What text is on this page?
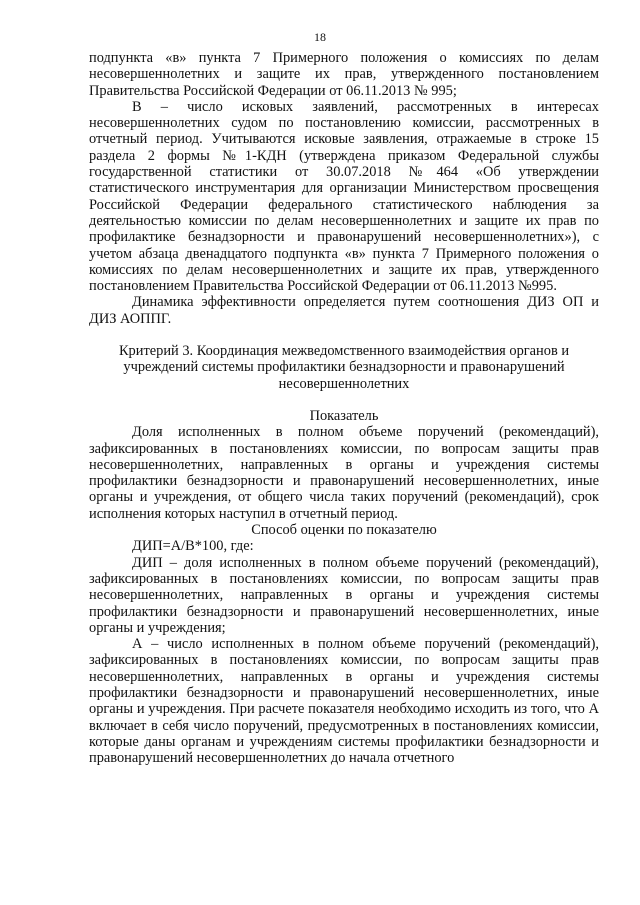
18

подпункта «в» пункта 7 Примерного положения о комиссиях по делам несовершеннолетних и защите их прав, утвержденного постановлением Правительства Российской Федерации от 06.11.2013 № 995;

В – число исковых заявлений, рассмотренных в интересах несовершеннолетних судом по постановлению комиссии, рассмотренных в отчетный период. Учитываются исковые заявления, отражаемые в строке 15 раздела 2 формы №1-КДН (утверждена приказом Федеральной службы государственной статистики от 30.07.2018 №464 «Об утверждении статистического инструментария для организации Министерством просвещения Российской Федерации федерального статистического наблюдения за деятельностью комиссии по делам несовершеннолетних и защите их прав по профилактике безнадзорности и правонарушений несовершеннолетних»), с учетом абзаца двенадцатого подпункта «в» пункта 7 Примерного положения о комиссиях по делам несовершеннолетних и защите их прав, утвержденного постановлением Правительства Российской Федерации от 06.11.2013 №995.

Динамика эффективности определяется путем соотношения ДИЗ ОП и ДИЗ АОППГ.

Критерий 3. Координация межведомственного взаимодействия органов и учреждений системы профилактики безнадзорности и правонарушений несовершеннолетних

Показатель

Доля исполненных в полном объеме поручений (рекомендаций), зафиксированных в постановлениях комиссии, по вопросам защиты прав несовершеннолетних, направленных в органы и учреждения системы профилактики безнадзорности и правонарушений несовершеннолетних, иные органы и учреждения, от общего числа таких поручений (рекомендаций), срок исполнения которых наступил в отчетный период.

Способ оценки по показателю

ДИП=А/В*100, где:

ДИП – доля исполненных в полном объеме поручений (рекомендаций), зафиксированных в постановлениях комиссии, по вопросам защиты прав несовершеннолетних, направленных в органы и учреждения системы профилактики безнадзорности и правонарушений несовершеннолетних, иные органы и учреждения;

А – число исполненных в полном объеме поручений (рекомендаций), зафиксированных в постановлениях комиссии, по вопросам защиты прав несовершеннолетних, направленных в органы и учреждения системы профилактики безнадзорности и правонарушений несовершеннолетних, иные органы и учреждения. При расчете показателя необходимо исходить из того, что А включает в себя число поручений, предусмотренных в постановлениях комиссии, которые даны органам и учреждениям системы профилактики безнадзорности и правонарушений несовершеннолетних до начала отчетного
